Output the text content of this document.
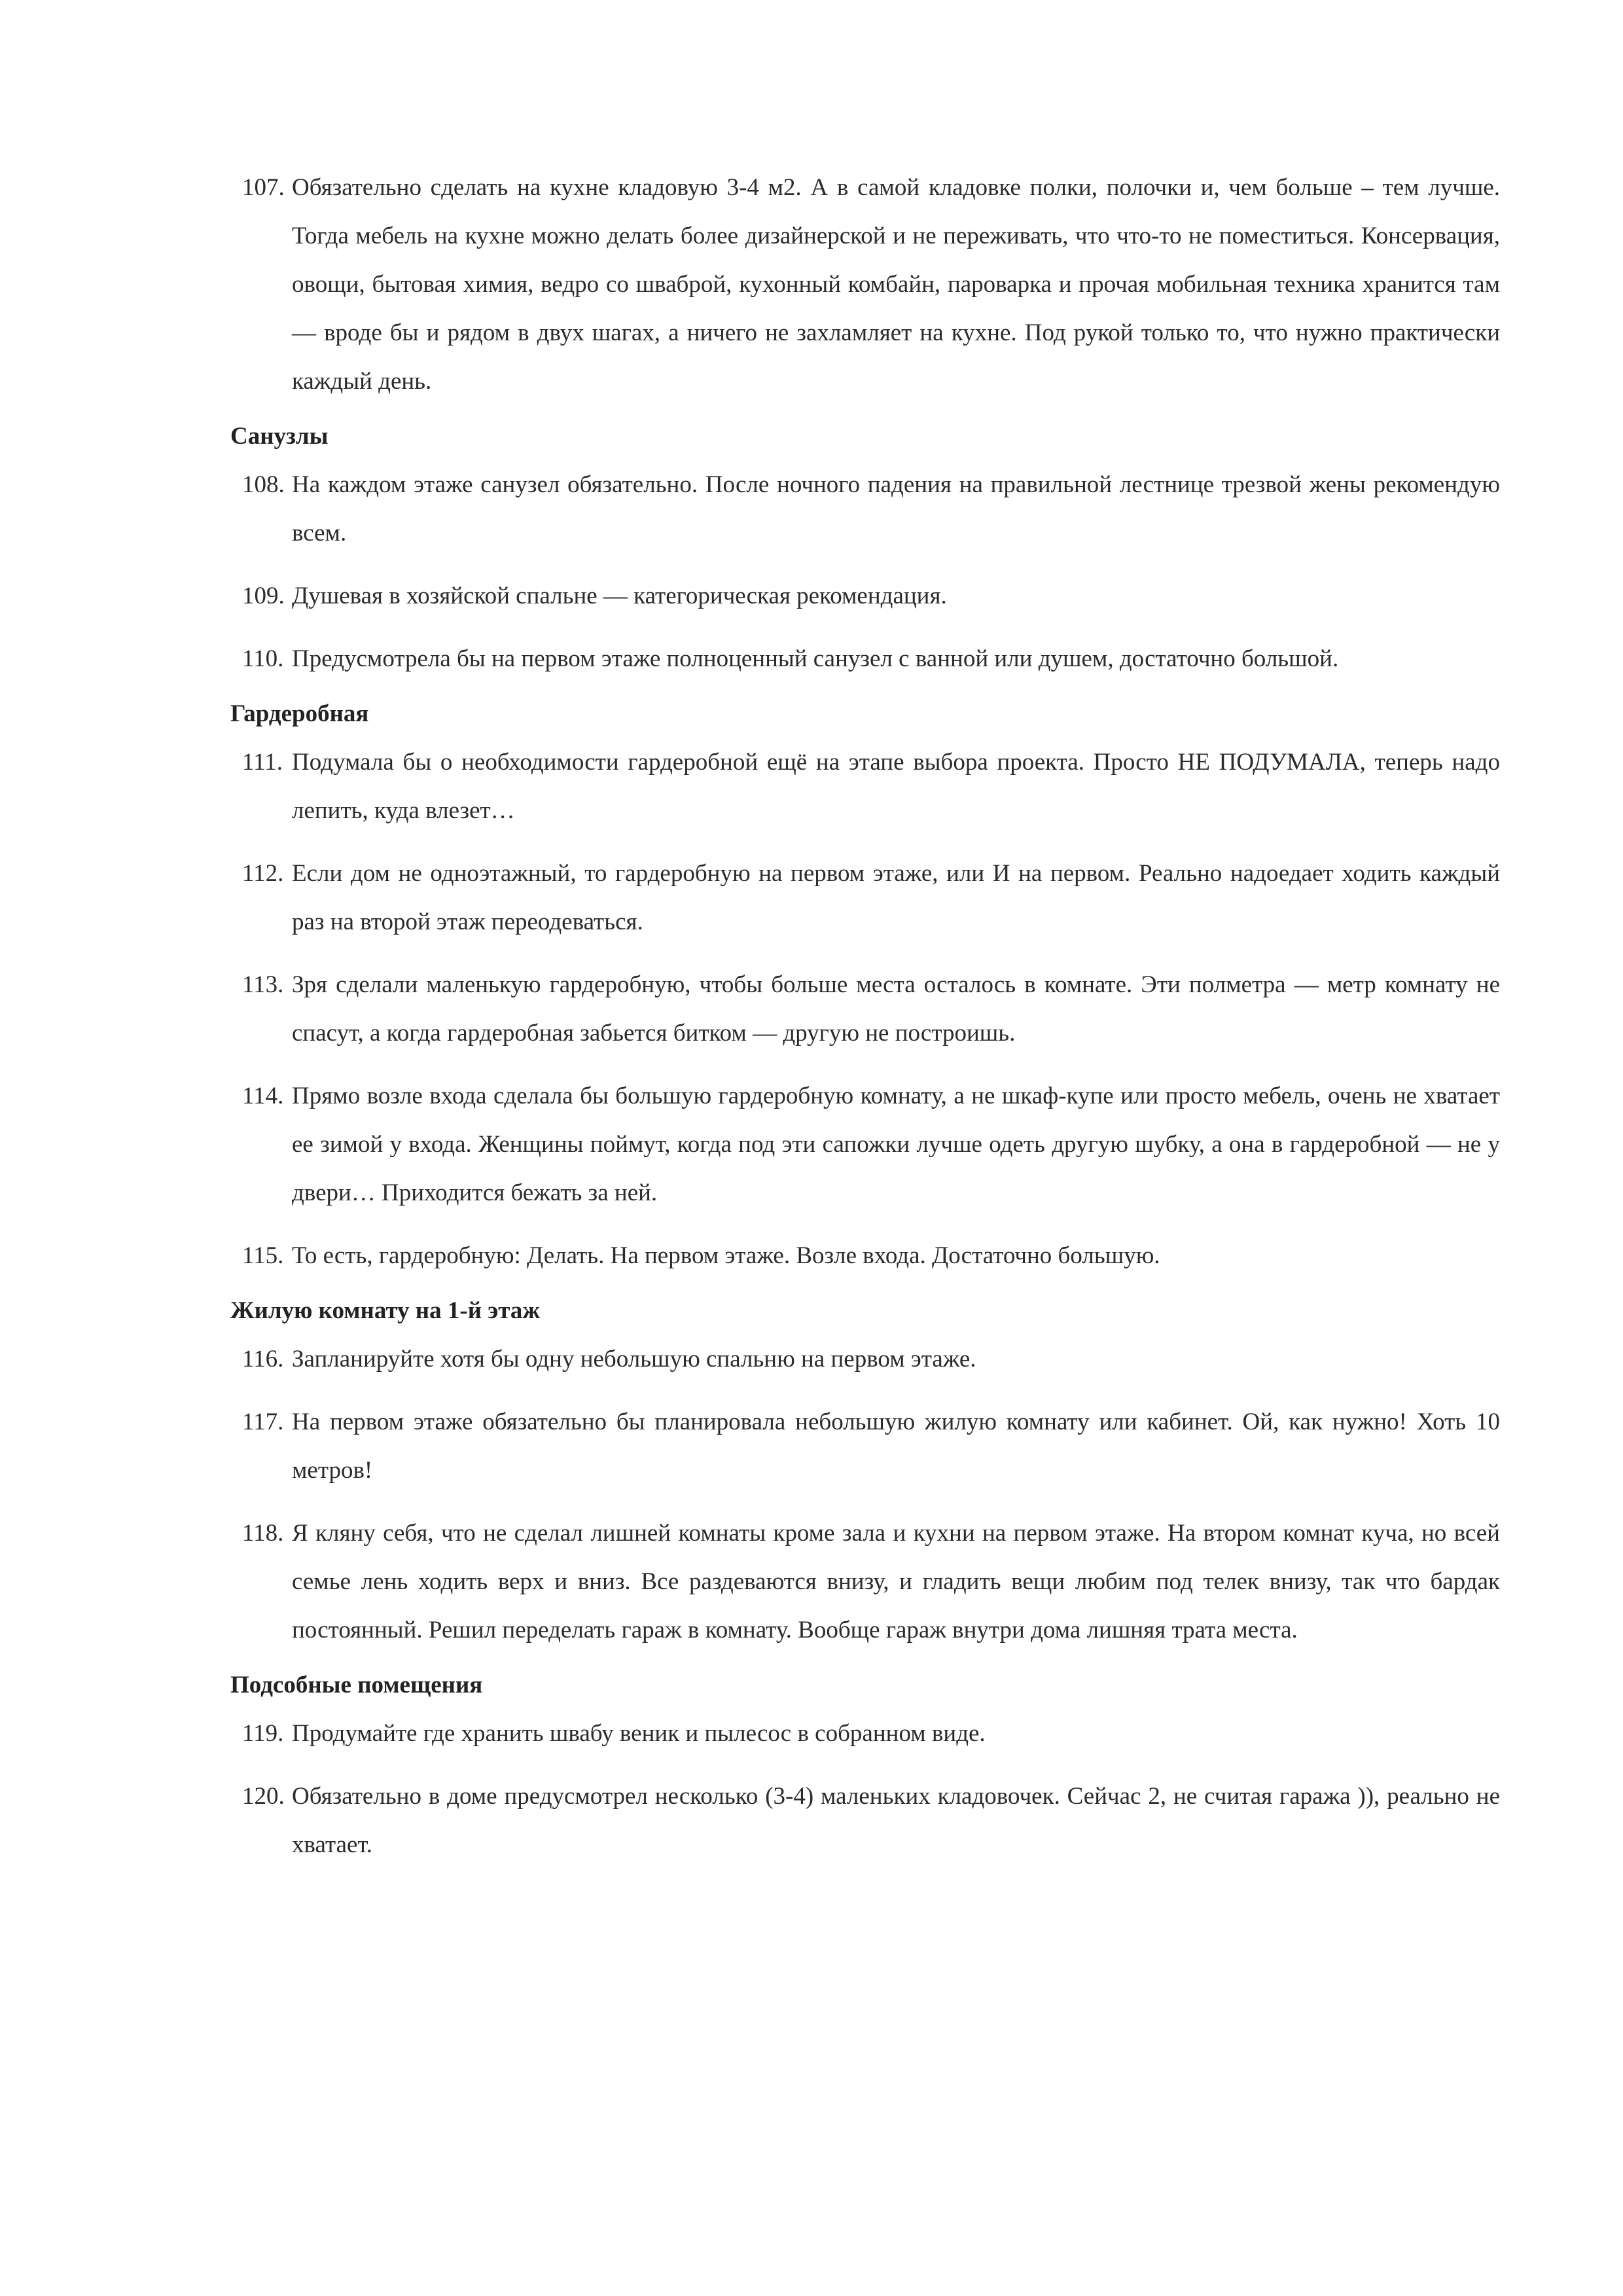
107. Обязательно сделать на кухне кладовую 3-4 м2. А в самой кладовке полки, полочки и, чем больше – тем лучше. Тогда мебель на кухне можно делать более дизайнерской и не переживать, что что-то не поместиться. Консервация, овощи, бытовая химия, ведро со шваброй, кухонный комбайн, пароварка и прочая мобильная техника хранится там — вроде бы и рядом в двух шагах, а ничего не захламляет на кухне. Под рукой только то, что нужно практически каждый день.
Санузлы
108. На каждом этаже санузел обязательно. После ночного падения на правильной лестнице трезвой жены рекомендую всем.
109. Душевая в хозяйской спальне — категорическая рекомендация.
110. Предусмотрела бы на первом этаже полноценный санузел с ванной или душем, достаточно большой.
Гардеробная
111. Подумала бы о необходимости гардеробной ещё на этапе выбора проекта. Просто НЕ ПОДУМАЛА, теперь надо лепить, куда влезет…
112. Если дом не одноэтажный, то гардеробную на первом этаже, или И на первом. Реально надоедает ходить каждый раз на второй этаж переодеваться.
113. Зря сделали маленькую гардеробную, чтобы больше места осталось в комнате. Эти полметра — метр комнату не спасут, а когда гардеробная забьется битком — другую не построишь.
114. Прямо возле входа сделала бы большую гардеробную комнату, а не шкаф-купе или просто мебель, очень не хватает ее зимой у входа. Женщины поймут, когда под эти сапожки лучше одеть другую шубку, а она в гардеробной — не у двери… Приходится бежать за ней.
115. То есть, гардеробную: Делать. На первом этаже. Возле входа. Достаточно большую.
Жилую комнату на 1-й этаж
116. Запланируйте хотя бы одну небольшую спальню на первом этаже.
117. На первом этаже обязательно бы планировала небольшую жилую комнату или кабинет. Ой, как нужно! Хоть 10 метров!
118. Я кляну себя, что не сделал лишней комнаты кроме зала и кухни на первом этаже. На втором комнат куча, но всей семье лень ходить верх и вниз. Все раздеваются внизу, и гладить вещи любим под телек внизу, так что бардак постоянный. Решил переделать гараж в комнату. Вообще гараж внутри дома лишняя трата места.
Подсобные помещения
119. Продумайте где хранить швабу веник и пылесос в собранном виде.
120. Обязательно в доме предусмотрел несколько (3-4) маленьких кладовочек. Сейчас 2, не считая гаража )), реально не хватает.
